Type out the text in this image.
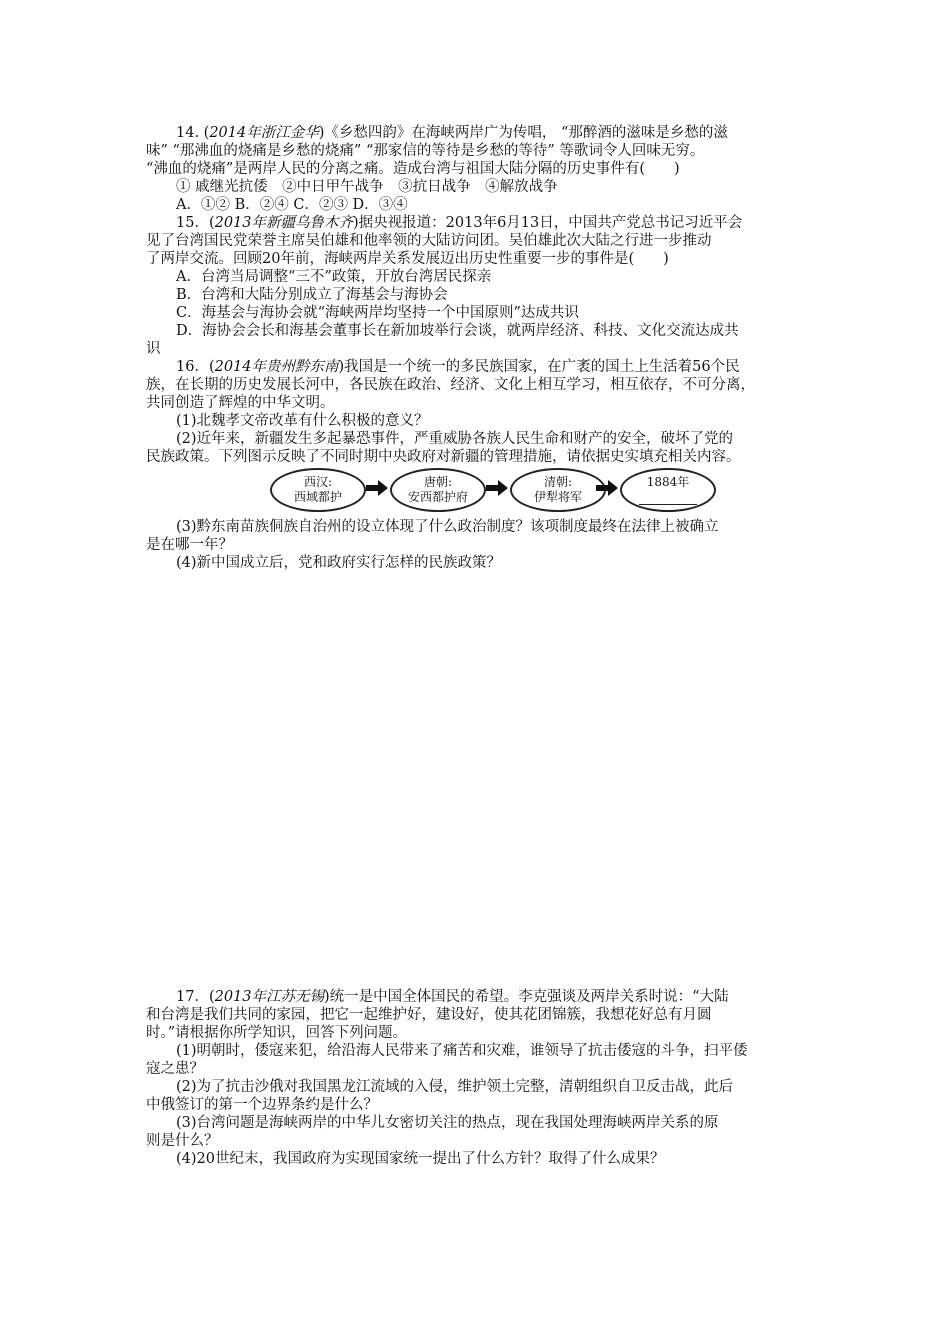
14. (2014年浙江金华)《乡愁四韵》在海峡两岸广为传唱， “那醉酒的滋味是乡愁的滋

味” “那沸血的烧痛是乡愁的烧痛” “那家信的等待是乡愁的等待” 等歌词令人回味无穷。

“沸血的烧痛”是两岸人民的分离之痛。造成台湾与祖国大陆分隔的历史事件有(　　)

① 戚继光抗倭　②中日甲午战争　③抗日战争　④解放战争

A．①② B．②④ C．②③ D．③④

15．(2013年新疆乌鲁木齐)据央视报道：2013年6月13日，中国共产党总书记习近平会

见了台湾国民党荣誉主席吴伯雄和他率领的大陆访问团。吴伯雄此次大陆之行进一步推动

了两岸交流。回顾20年前，海峡两岸关系发展迈出历史性重要一步的事件是(　　)

A．台湾当局调整“三不”政策，开放台湾居民探亲

B．台湾和大陆分别成立了海基会与海协会

C．海基会与海协会就“海峡两岸均坚持一个中国原则”达成共识

D．海协会会长和海基会董事长在新加坡举行会谈，就两岸经济、科技、文化交流达成共

识

16．(2014年贵州黔东南)我国是一个统一的多民族国家，在广袤的国土上生活着56个民

族，在长期的历史发展长河中，各民族在政治、经济、文化上相互学习，相互依存，不可分离，

共同创造了辉煌的中华文明。

(1)北魏孝文帝改革有什么积极的意义？

(2)近年来，新疆发生多起暴恐事件，严重威胁各族人民生命和财产的安全，破坏了党的

民族政策。下列图示反映了不同时期中央政府对新疆的管理措施，请依据史实填充相关内容。

西汉:
西域都护
唐朝:
安西都护府
清朝:
伊犁将军
1884年

(3)黔东南苗族侗族自治州的设立体现了什么政治制度？该项制度最终在法律上被确立

是在哪一年？

(4)新中国成立后，党和政府实行怎样的民族政策？

17．(2013年江苏无锡)统一是中国全体国民的希望。李克强谈及两岸关系时说：“大陆

和台湾是我们共同的家园，把它一起维护好，建设好，使其花团锦簇，我想花好总有月圆

时。”请根据你所学知识，回答下列问题。

(1)明朝时，倭寇来犯，给沿海人民带来了痛苦和灾难，谁领导了抗击倭寇的斗争，扫平倭

寇之患？

(2)为了抗击沙俄对我国黑龙江流域的入侵，维护领土完整，清朝组织自卫反击战，此后

中俄签订的第一个边界条约是什么？

(3)台湾问题是海峡两岸的中华儿女密切关注的热点，现在我国处理海峡两岸关系的原

则是什么？

(4)20世纪末，我国政府为实现国家统一提出了什么方针？取得了什么成果？
